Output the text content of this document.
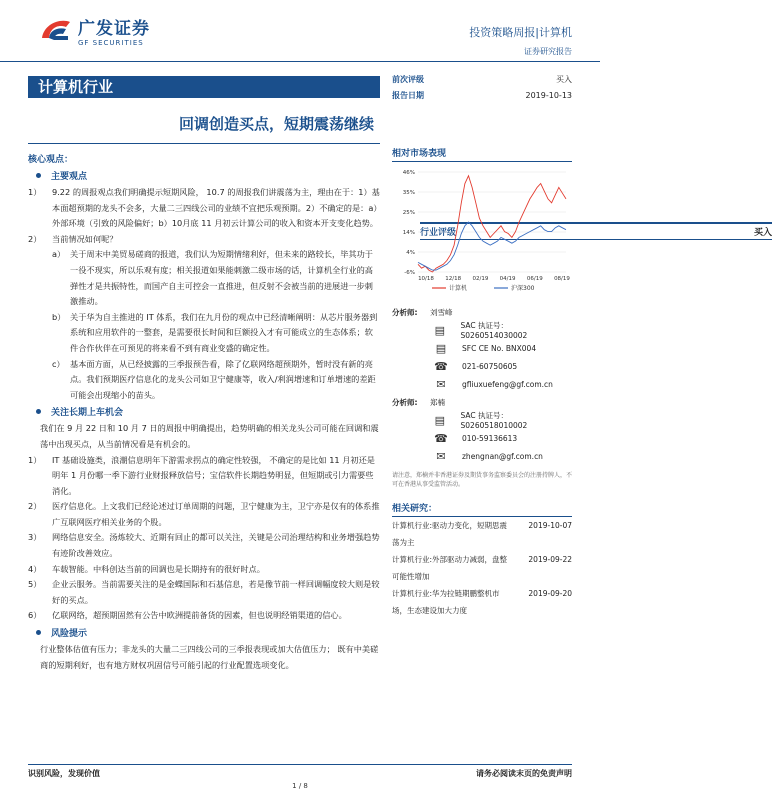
广发证券
GF SECURITIES
投资策略周报|计算机
证券研究报告
计算机行业
回调创造买点，短期震荡继续
行业评级	买入
前次评级	买入
报告日期	2019-10-13
核心观点：
主要观点
1）	9.22 的周报观点我们明确提示短期风险， 10.7 的周报我们讲震荡为主，理由在于：1）基本面超预期的龙头不会多，大量二三四线公司的业绩不宜把乐观预期。2）不确定的是：a）外部环境（引致的风险偏好；b）10月底 11 月初云计算公司的收入和资本开支变化趋势。
2）	当前情况如何呢？
a） 关于周末中美贸易磋商的报道，我们认为短期情绪利好，但未来的路较长，毕其功于一役不现实，所以乐观有度；相关报道如果能刺激二级市场的话，计算机全行业的高弹性才是共振特性，而国产自主可控会一直推进，但反射不会被当前的进展进一步刺激推动。
b） 关于华为自主推进的 IT 体系，我们在九月份的观点中已经清晰阐明：从芯片服务器到系统和应用软件的一整套，是需要很长时间和巨额投入才有可能成立的生态体系；软件合作伙伴在可预见的将来看不到有商业变盛的确定性。
c） 基本面方面，从已经披露的三季报预告看，除了亿联网络超预期外，暂时没有新的亮点。我们预期医疗信息化的龙头公司如卫宁健康等，收入/利润增速和订单增速的差距可能会出现缩小的苗头。
关注长期上车机会
我们在 9 月 22 日和 10 月 7 日的周报中明确提出，趋势明确的相关龙头公司可能在回调和震荡中出现买点，从当前情况看是有机会的。
1）	IT 基础设施类，浪潮信息明年下游需求拐点的确定性较强， 不确定的是比如 11 月初还是明年 1 月份哪一季下游行业财报释放信号；宝信软件长期趋势明显，但短期或引力需要些消化。
2）	医疗信息化。上文我们已经论述过订单周期的问题，卫宁健康为主，卫宁亦是仅有的体系推广互联网医疗相关业务的个股。
3）	网络信息安全。汤炼较大、近期有回止的都可以关注，关键是公司治理结构和业务增强趋势有迹阶改善效应。
4）	车载智能。中科创达当前的回调也是长期持有的很好时点。
5）	企业云服务。当前需要关注的是金蝶国际和石基信息，若是像节前一样回调幅度较大则是较好的买点。
6）	亿联网络，超预期固然有公告中欧洲提前备货的因素，但也说明经销渠道的信心。
风险提示
行业整体估值有压力；非龙头的大量二三四线公司的三季报表现或加大估值压力； 既有中美磋商的短期利好，也有地方财权巩固信号可能引起的行业配置选项变化。
相对市场表现
-6%
4%
14%
25%
35%
46%
10/18 12/18 02/19 04/19 06/19 08/19
计算机	沪深300
分析师:	刘雪峰
▤	SAC 执证号：S0260514030002
▤	SFC CE No. BNX004
☎	021-60750605
✉	gfliuxuefeng@gf.com.cn
分析师:	郑楠
▤	SAC 执证号：S0260518010002
☎	010-59136613
✉	zhengnan@gf.com.cn
请注意，郑楠并非香港证券及期货事务监察委员会的注册持牌人，不可在香港从事受监管活动。
相关研究：
计算机行业:驱动力变化，短期思震荡为主
2019-10-07
计算机行业:外部驱动力减弱，盘整可能性增加
2019-09-22
计算机行业:华为拉链期鹏整机市场，生态建设加大力度
2019-09-20
识别风险，发现价值	请务必阅读末页的免责声明
1 / 8
